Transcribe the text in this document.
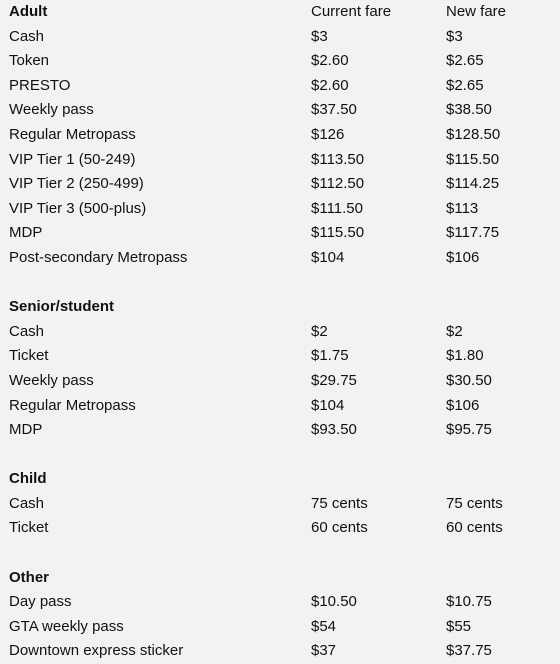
Adult	Current fare	New fare
Cash	$3	$3
Token	$2.60	$2.65
PRESTO	$2.60	$2.65
Weekly pass	$37.50	$38.50
Regular Metropass	$126	$128.50
VIP Tier 1 (50-249)	$113.50	$115.50
VIP Tier 2 (250-499)	$112.50	$114.25
VIP Tier 3 (500-plus)	$111.50	$113
MDP	$115.50	$117.75
Post-secondary Metropass	$104	$106

Senior/student		
Cash	$2	$2
Ticket	$1.75	$1.80
Weekly pass	$29.75	$30.50
Regular Metropass	$104	$106
MDP	$93.50	$95.75

Child		
Cash	75 cents	75 cents
Ticket	60 cents	60 cents

Other		
Day pass	$10.50	$10.75
GTA weekly pass	$54	$55
Downtown express sticker	$37	$37.75
